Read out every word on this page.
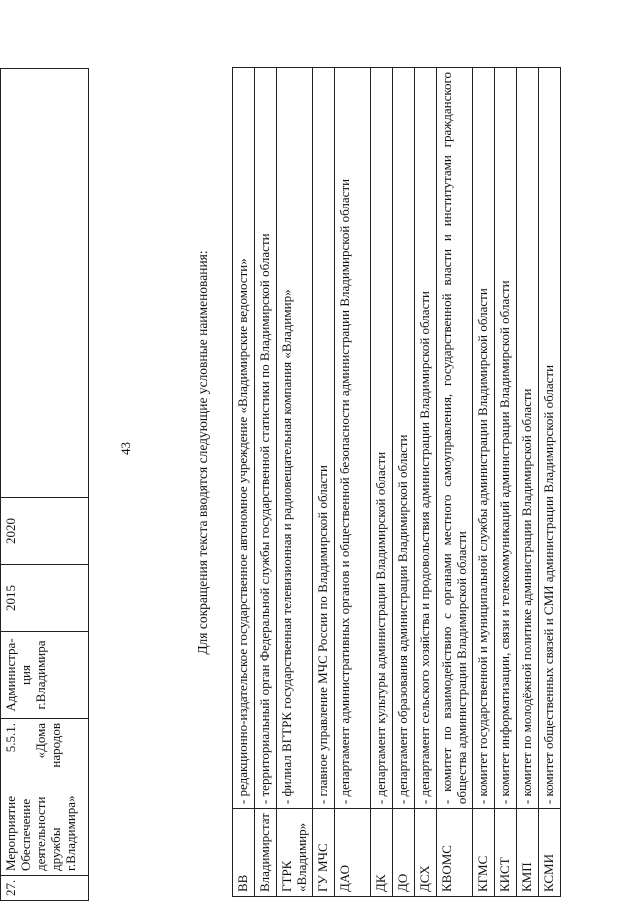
43
27.	Мероприятие 5.5.1. Обеспечение деятельности «Дома дружбы народов г.Владимира»	Администра-ция г.Владимира	2015	2020		Для сокращения текста вводятся следующие условные наименования:
ВВ	- редакционно-издательское государственное автономное учреждение «Владимирские ведомости»
Владимирстат	- территориальный орган Федеральной службы государственной статистики по Владимирской области
ГТРК «Владимир»	- филиал ВГТРК государственная телевизионная и радиовещательная компания «Владимир»
ГУ МЧС	- главное управление МЧС России по Владимирской области
ДАО	- департамент административных органов и общественной безопасности администрации Владимирской области
ДК	- департамент культуры администрации Владимирской области
ДО	- департамент образования администрации Владимирской области
ДСХ	- департамент сельского хозяйства и продовольствия администрации Владимирской области
КВОМС	- комитет по взаимодействию с органами местного самоуправления, государственной власти и институтами гражданского общества администрации Владимирской области
КГМС	- комитет государственной и муниципальной службы администрации Владимирской области
КИСТ	- комитет информатизации, связи и телекоммуникаций администрации Владимирской области
КМП	- комитет по молодёжной политике администрации Владимирской области
КСМИ	- комитет общественных связей и СМИ администрации Владимирской области
